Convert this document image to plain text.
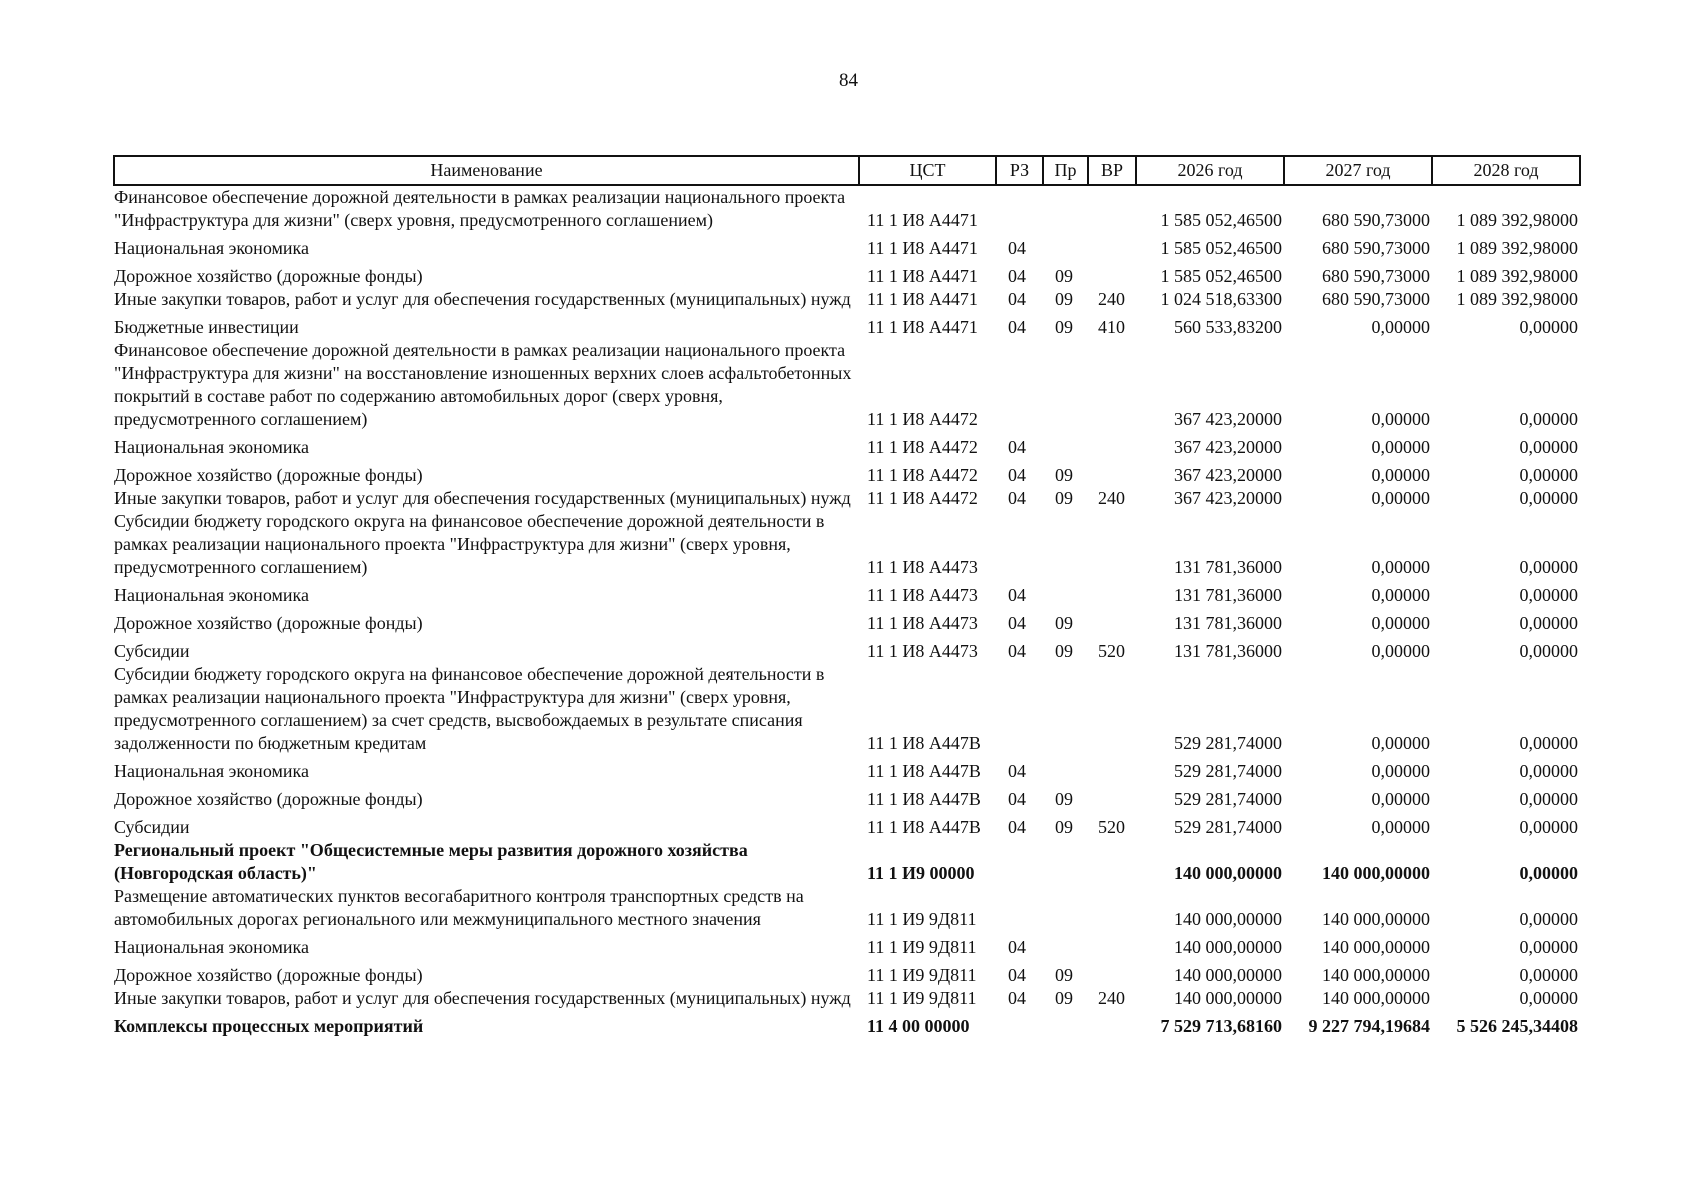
84
Наименование	ЦСТ	РЗ	Пр	ВР	2026 год	2027 год	2028 год
Финансовое обеспечение дорожной деятельности в рамках реализации национального проекта "Инфраструктура для жизни" (сверх уровня, предусмотренного соглашением)	11 1 И8 А4471				1 585 052,46500	680 590,73000	1 089 392,98000
Национальная экономика	11 1 И8 А4471	04			1 585 052,46500	680 590,73000	1 089 392,98000
Дорожное хозяйство (дорожные фонды)	11 1 И8 А4471	04	09		1 585 052,46500	680 590,73000	1 089 392,98000
Иные закупки товаров, работ и услуг для обеспечения государственных (муниципальных) нужд	11 1 И8 А4471	04	09	240	1 024 518,63300	680 590,73000	1 089 392,98000
Бюджетные инвестиции	11 1 И8 А4471	04	09	410	560 533,83200	0,00000	0,00000
Финансовое обеспечение дорожной деятельности в рамках реализации национального проекта "Инфраструктура для жизни" на восстановление изношенных верхних слоев асфальтобетонных покрытий в составе работ по содержанию автомобильных дорог (сверх уровня, предусмотренного соглашением)	11 1 И8 А4472				367 423,20000	0,00000	0,00000
Национальная экономика	11 1 И8 А4472	04			367 423,20000	0,00000	0,00000
Дорожное хозяйство (дорожные фонды)	11 1 И8 А4472	04	09		367 423,20000	0,00000	0,00000
Иные закупки товаров, работ и услуг для обеспечения государственных (муниципальных) нужд	11 1 И8 А4472	04	09	240	367 423,20000	0,00000	0,00000
Субсидии бюджету городского округа на финансовое обеспечение дорожной деятельности в рамках реализации национального проекта "Инфраструктура для жизни" (сверх уровня, предусмотренного соглашением)	11 1 И8 А4473				131 781,36000	0,00000	0,00000
Национальная экономика	11 1 И8 А4473	04			131 781,36000	0,00000	0,00000
Дорожное хозяйство (дорожные фонды)	11 1 И8 А4473	04	09		131 781,36000	0,00000	0,00000
Субсидии	11 1 И8 А4473	04	09	520	131 781,36000	0,00000	0,00000
Субсидии бюджету городского округа на финансовое обеспечение дорожной деятельности в рамках реализации национального проекта "Инфраструктура для жизни" (сверх уровня, предусмотренного соглашением) за счет средств, высвобождаемых в результате списания задолженности по бюджетным кредитам	11 1 И8 А447В				529 281,74000	0,00000	0,00000
Национальная экономика	11 1 И8 А447В	04			529 281,74000	0,00000	0,00000
Дорожное хозяйство (дорожные фонды)	11 1 И8 А447В	04	09		529 281,74000	0,00000	0,00000
Субсидии	11 1 И8 А447В	04	09	520	529 281,74000	0,00000	0,00000
Региональный проект "Общесистемные меры развития дорожного хозяйства (Новгородская область)"	11 1 И9 00000				140 000,00000	140 000,00000	0,00000
Размещение автоматических пунктов весогабаритного контроля транспортных средств на автомобильных дорогах регионального или межмуниципального местного значения	11 1 И9 9Д811				140 000,00000	140 000,00000	0,00000
Национальная экономика	11 1 И9 9Д811	04			140 000,00000	140 000,00000	0,00000
Дорожное хозяйство (дорожные фонды)	11 1 И9 9Д811	04	09		140 000,00000	140 000,00000	0,00000
Иные закупки товаров, работ и услуг для обеспечения государственных (муниципальных) нужд	11 1 И9 9Д811	04	09	240	140 000,00000	140 000,00000	0,00000
Комплексы процессных мероприятий	11 4 00 00000				7 529 713,68160	9 227 794,19684	5 526 245,34408
